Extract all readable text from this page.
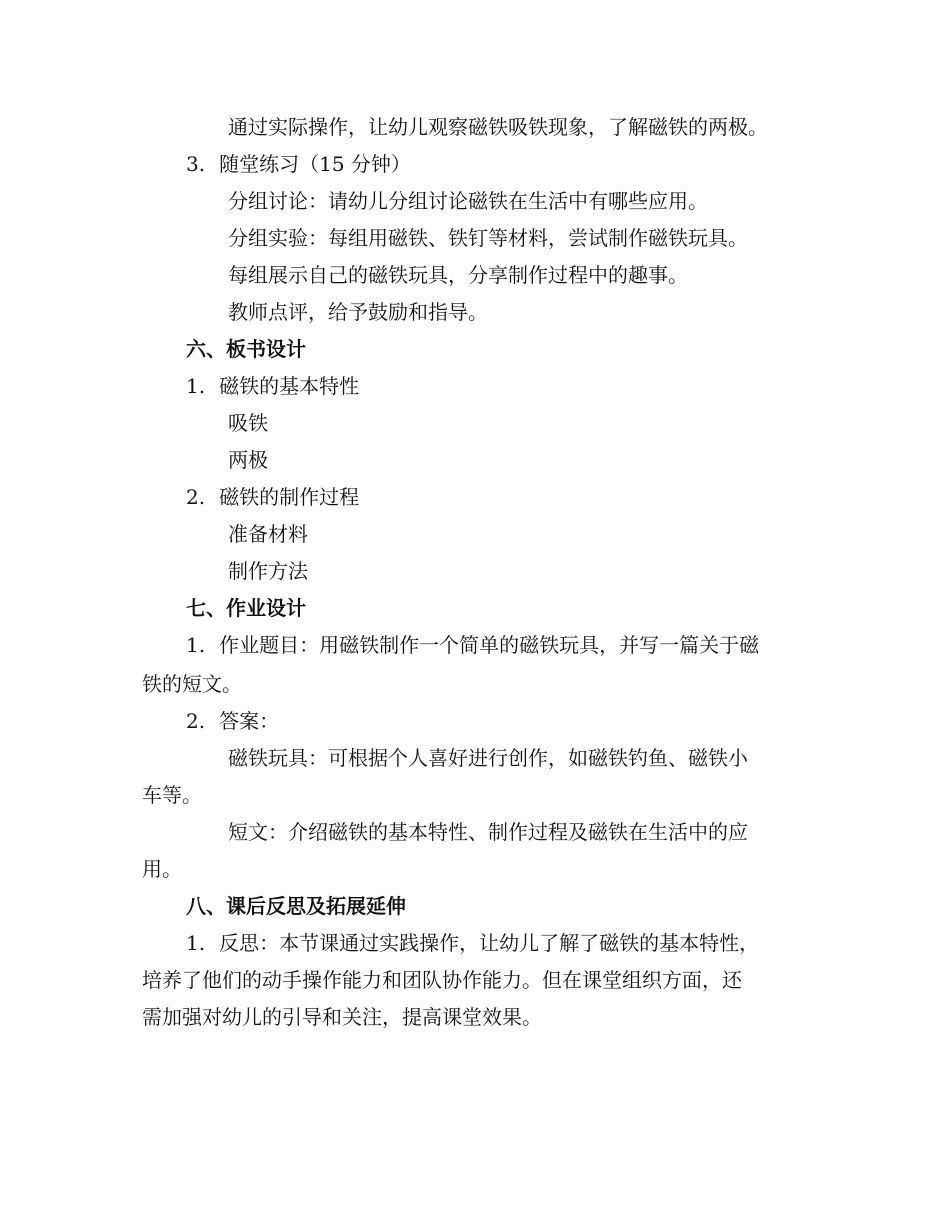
通过实际操作，让幼儿观察磁铁吸铁现象，了解磁铁的两极。

3. 随堂练习（15 分钟）

分组讨论：请幼儿分组讨论磁铁在生活中有哪些应用。

分组实验：每组用磁铁、铁钉等材料，尝试制作磁铁玩具。

每组展示自己的磁铁玩具，分享制作过程中的趣事。

教师点评，给予鼓励和指导。

六、板书设计

1. 磁铁的基本特性

吸铁

两极

2. 磁铁的制作过程

准备材料

制作方法

七、作业设计

1. 作业题目：用磁铁制作一个简单的磁铁玩具，并写一篇关于磁

铁的短文。

2. 答案：

磁铁玩具：可根据个人喜好进行创作，如磁铁钓鱼、磁铁小

车等。

短文：介绍磁铁的基本特性、制作过程及磁铁在生活中的应

用。

八、课后反思及拓展延伸

1. 反思：本节课通过实践操作，让幼儿了解了磁铁的基本特性，

培养了他们的动手操作能力和团队协作能力。但在课堂组织方面，还

需加强对幼儿的引导和关注，提高课堂效果。
